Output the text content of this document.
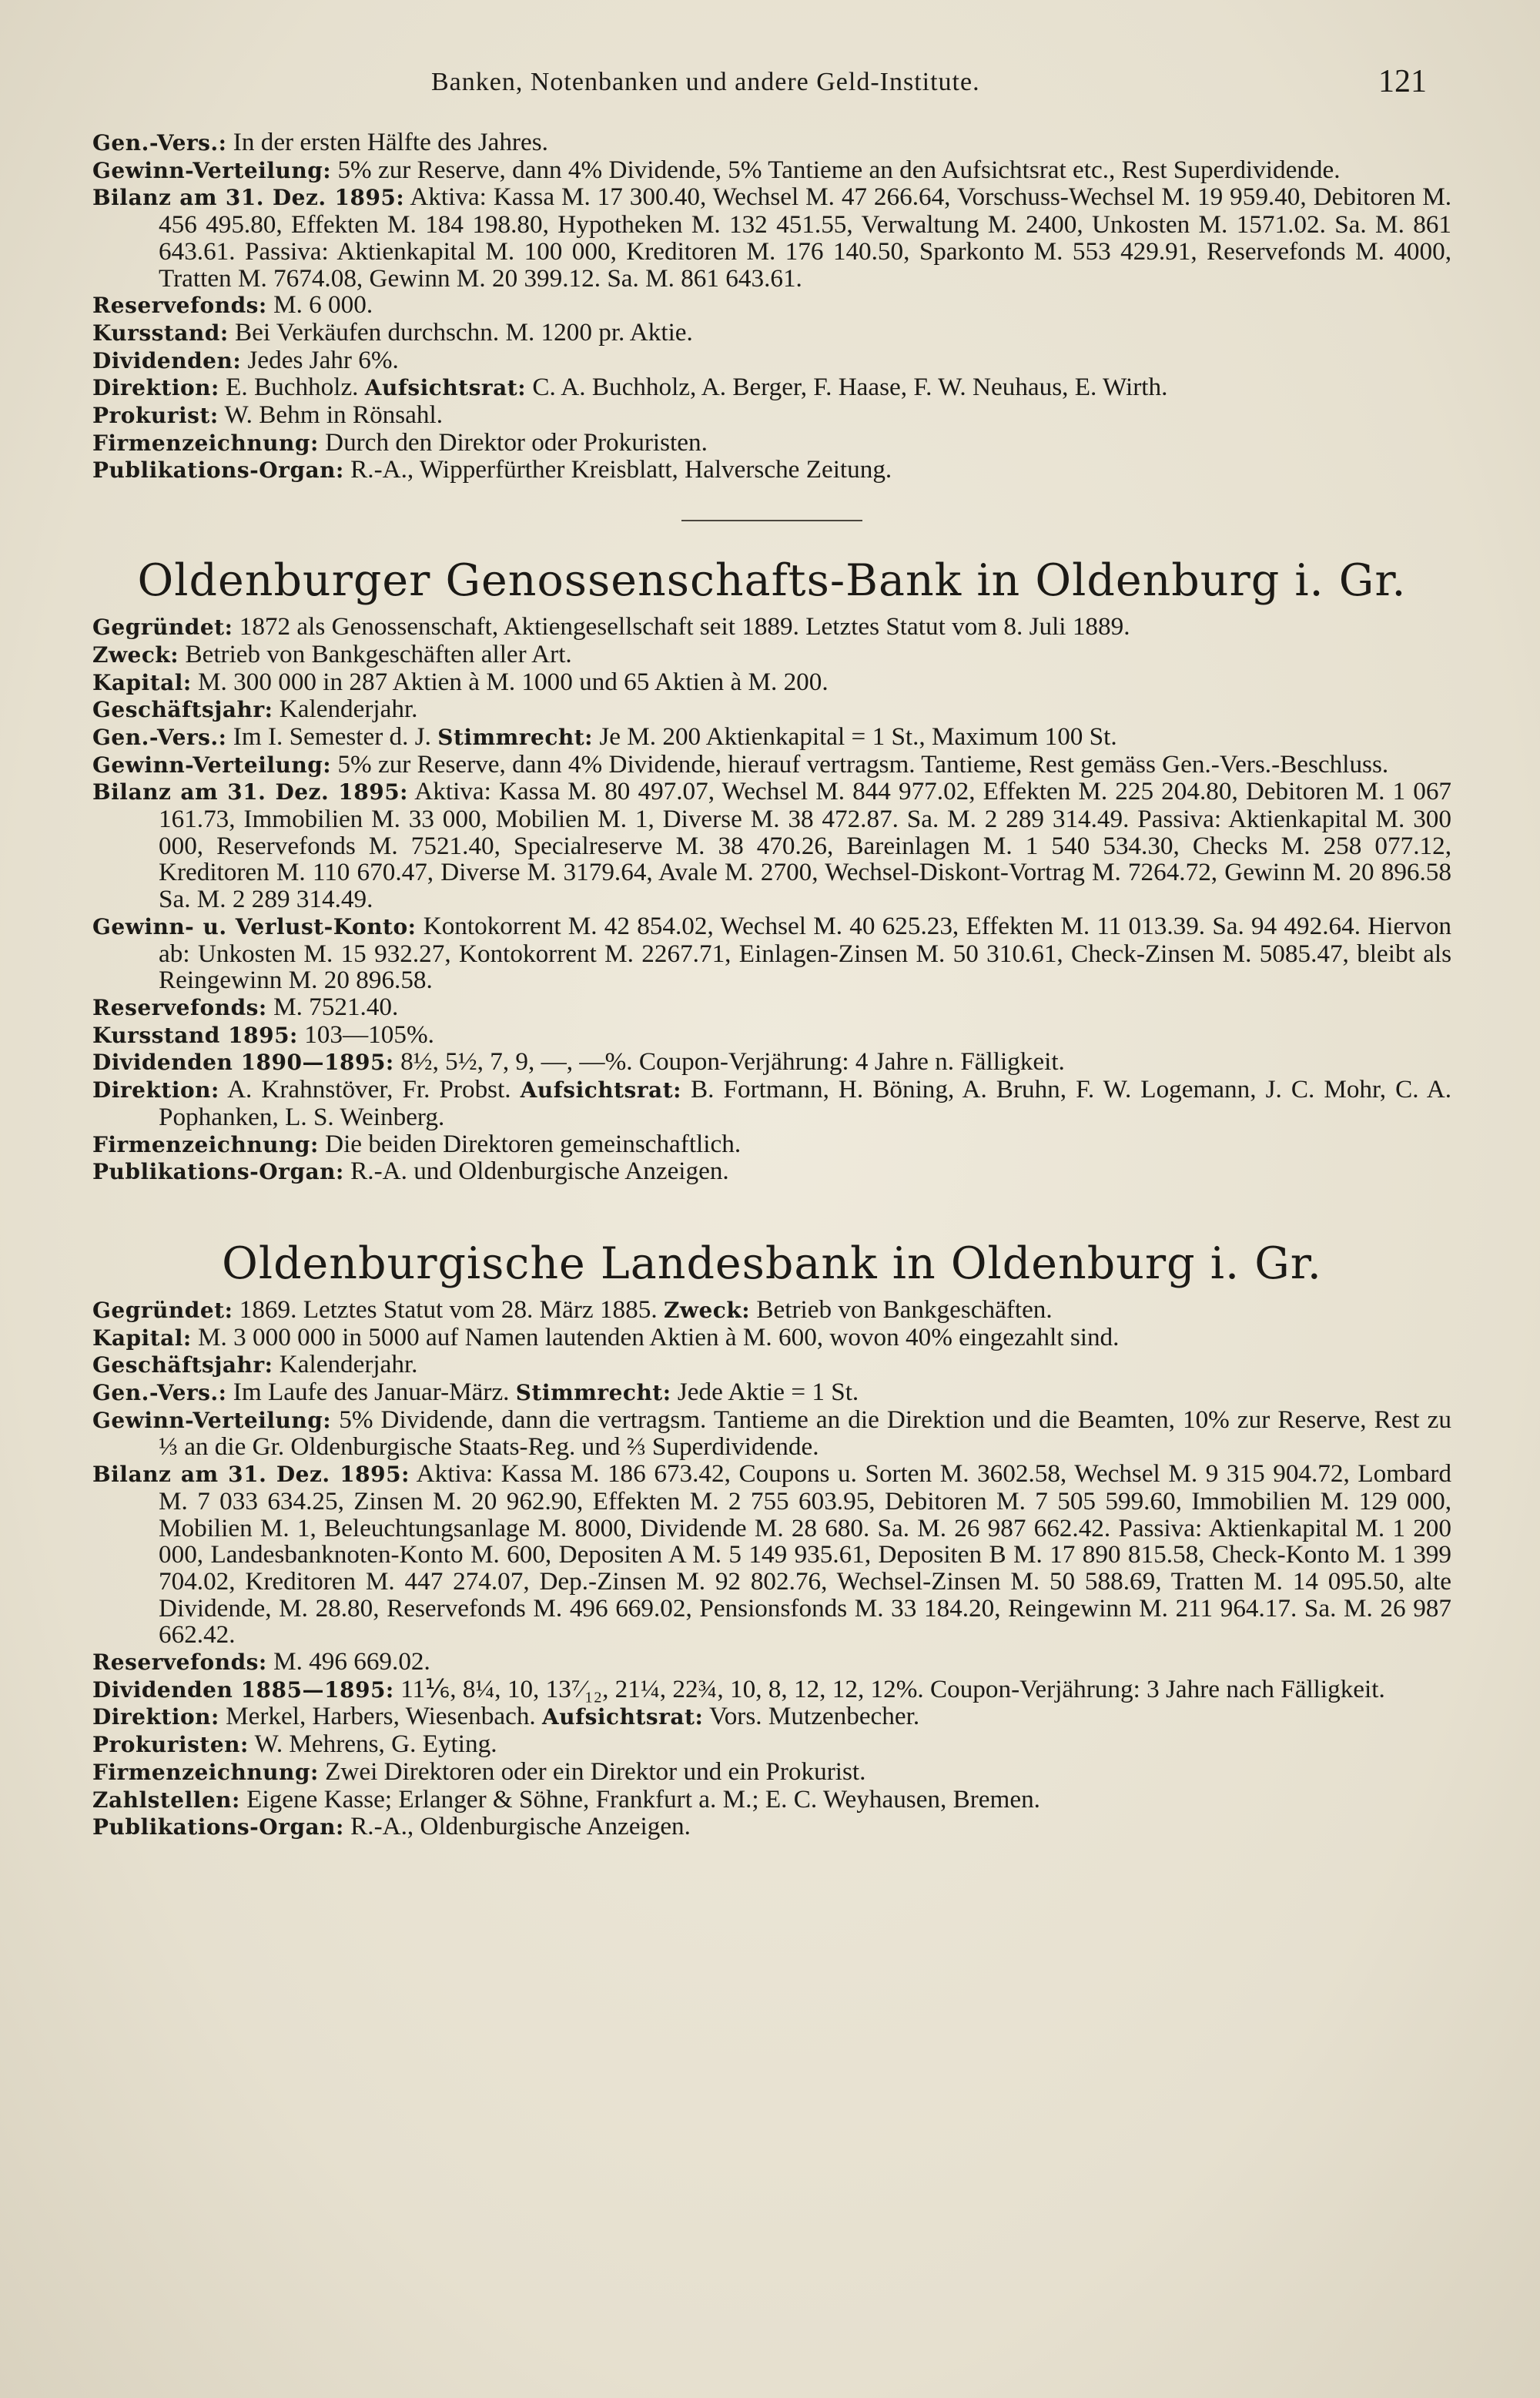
Banken, Notenbanken und andere Geld-Institute.	121

Gen.-Vers.: In der ersten Hälfte des Jahres.

Gewinn-Verteilung: 5% zur Reserve, dann 4% Dividende, 5% Tantieme an den Aufsichtsrat etc., Rest Superdividende.

Bilanz am 31. Dez. 1895: Aktiva: Kassa M. 17 300.40, Wechsel M. 47 266.64, Vorschuss-Wechsel M. 19 959.40, Debitoren M. 456 495.80, Effekten M. 184 198.80, Hypotheken M. 132 451.55, Verwaltung M. 2400, Unkosten M. 1571.02. Sa. M. 861 643.61. Passiva: Aktienkapital M. 100 000, Kreditoren M. 176 140.50, Sparkonto M. 553 429.91, Reservefonds M. 4000, Tratten M. 7674.08, Gewinn M. 20 399.12. Sa. M. 861 643.61.

Reservefonds: M. 6 000.

Kursstand: Bei Verkäufen durchschn. M. 1200 pr. Aktie.

Dividenden: Jedes Jahr 6%.

Direktion: E. Buchholz. Aufsichtsrat: C. A. Buchholz, A. Berger, F. Haase, F. W. Neuhaus, E. Wirth.

Prokurist: W. Behm in Rönsahl.

Firmenzeichnung: Durch den Direktor oder Prokuristen.

Publikations-Organ: R.-A., Wipperfürther Kreisblatt, Halversche Zeitung.

Oldenburger Genossenschafts-Bank in Oldenburg i. Gr.

Gegründet: 1872 als Genossenschaft, Aktiengesellschaft seit 1889. Letztes Statut vom 8. Juli 1889.

Zweck: Betrieb von Bankgeschäften aller Art.

Kapital: M. 300 000 in 287 Aktien à M. 1000 und 65 Aktien à M. 200.

Geschäftsjahr: Kalenderjahr.

Gen.-Vers.: Im I. Semester d. J. Stimmrecht: Je M. 200 Aktienkapital = 1 St., Maximum 100 St.

Gewinn-Verteilung: 5% zur Reserve, dann 4% Dividende, hierauf vertragsm. Tantieme, Rest gemäss Gen.-Vers.-Beschluss.

Bilanz am 31. Dez. 1895: Aktiva: Kassa M. 80 497.07, Wechsel M. 844 977.02, Effekten M. 225 204.80, Debitoren M. 1 067 161.73, Immobilien M. 33 000, Mobilien M. 1, Diverse M. 38 472.87. Sa. M. 2 289 314.49. Passiva: Aktienkapital M. 300 000, Reservefonds M. 7521.40, Specialreserve M. 38 470.26, Bareinlagen M. 1 540 534.30, Checks M. 258 077.12, Kreditoren M. 110 670.47, Diverse M. 3179.64, Avale M. 2700, Wechsel-Diskont-Vortrag M. 7264.72, Gewinn M. 20 896.58 Sa. M. 2 289 314.49.

Gewinn- u. Verlust-Konto: Kontokorrent M. 42 854.02, Wechsel M. 40 625.23, Effekten M. 11 013.39. Sa. 94 492.64. Hiervon ab: Unkosten M. 15 932.27, Kontokorrent M. 2267.71, Einlagen-Zinsen M. 50 310.61, Check-Zinsen M. 5085.47, bleibt als Reingewinn M. 20 896.58.

Reservefonds: M. 7521.40.

Kursstand 1895: 103—105%.

Dividenden 1890—1895: 8½, 5½, 7, 9, —, —%. Coupon-Verjährung: 4 Jahre n. Fälligkeit.

Direktion: A. Krahnstöver, Fr. Probst. Aufsichtsrat: B. Fortmann, H. Böning, A. Bruhn, F. W. Logemann, J. C. Mohr, C. A. Pophanken, L. S. Weinberg.

Firmenzeichnung: Die beiden Direktoren gemeinschaftlich.

Publikations-Organ: R.-A. und Oldenburgische Anzeigen.

Oldenburgische Landesbank in Oldenburg i. Gr.

Gegründet: 1869. Letztes Statut vom 28. März 1885. Zweck: Betrieb von Bankgeschäften.

Kapital: M. 3 000 000 in 5000 auf Namen lautenden Aktien à M. 600, wovon 40% eingezahlt sind.

Geschäftsjahr: Kalenderjahr.

Gen.-Vers.: Im Laufe des Januar-März. Stimmrecht: Jede Aktie = 1 St.

Gewinn-Verteilung: 5% Dividende, dann die vertragsm. Tantieme an die Direktion und die Beamten, 10% zur Reserve, Rest zu ⅓ an die Gr. Oldenburgische Staats-Reg. und ⅔ Superdividende.

Bilanz am 31. Dez. 1895: Aktiva: Kassa M. 186 673.42, Coupons u. Sorten M. 3602.58, Wechsel M. 9 315 904.72, Lombard M. 7 033 634.25, Zinsen M. 20 962.90, Effekten M. 2 755 603.95, Debitoren M. 7 505 599.60, Immobilien M. 129 000, Mobilien M. 1, Beleuchtungsanlage M. 8000, Dividende M. 28 680. Sa. M. 26 987 662.42. Passiva: Aktienkapital M. 1 200 000, Landesbanknoten-Konto M. 600, Depositen A M. 5 149 935.61, Depositen B M. 17 890 815.58, Check-Konto M. 1 399 704.02, Kreditoren M. 447 274.07, Dep.-Zinsen M. 92 802.76, Wechsel-Zinsen M. 50 588.69, Tratten M. 14 095.50, alte Dividende, M. 28.80, Reservefonds M. 496 669.02, Pensionsfonds M. 33 184.20, Reingewinn M. 211 964.17. Sa. M. 26 987 662.42.

Reservefonds: M. 496 669.02.

Dividenden 1885—1895: 11⅙, 8¼, 10, 13⁷⁄₁₂, 21¼, 22¾, 10, 8, 12, 12, 12%. Coupon-Verjährung: 3 Jahre nach Fälligkeit.

Direktion: Merkel, Harbers, Wiesenbach. Aufsichtsrat: Vors. Mutzenbecher.

Prokuristen: W. Mehrens, G. Eyting.

Firmenzeichnung: Zwei Direktoren oder ein Direktor und ein Prokurist.

Zahlstellen: Eigene Kasse; Erlanger & Söhne, Frankfurt a. M.; E. C. Weyhausen, Bremen.

Publikations-Organ: R.-A., Oldenburgische Anzeigen.
